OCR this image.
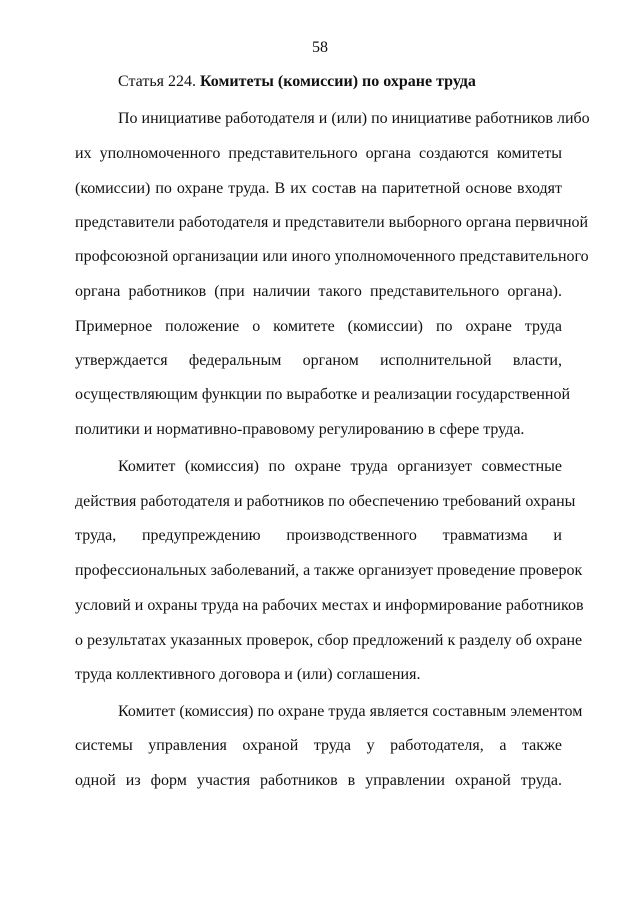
58
Статья 224. Комитеты (комиссии) по охране труда
По инициативе работодателя и (или) по инициативе работников либо
их уполномоченного представительного органа создаются комитеты
(комиссии) по охране труда. В их состав на паритетной основе входят
представители работодателя и представители выборного органа первичной
профсоюзной организации или иного уполномоченного представительного
органа работников (при наличии такого представительного органа).
Примерное положение о комитете (комиссии) по охране труда
утверждается федеральным органом исполнительной власти,
осуществляющим функции по выработке и реализации государственной
политики и нормативно-правовому регулированию в сфере труда.
Комитет (комиссия) по охране труда организует совместные
действия работодателя и работников по обеспечению требований охраны
труда, предупреждению производственного травматизма и
профессиональных заболеваний, а также организует проведение проверок
условий и охраны труда на рабочих местах и информирование работников
о результатах указанных проверок, сбор предложений к разделу об охране
труда коллективного договора и (или) соглашения.
Комитет (комиссия) по охране труда является составным элементом
системы управления охраной труда у работодателя, а также
одной из форм участия работников в управлении охраной труда.
